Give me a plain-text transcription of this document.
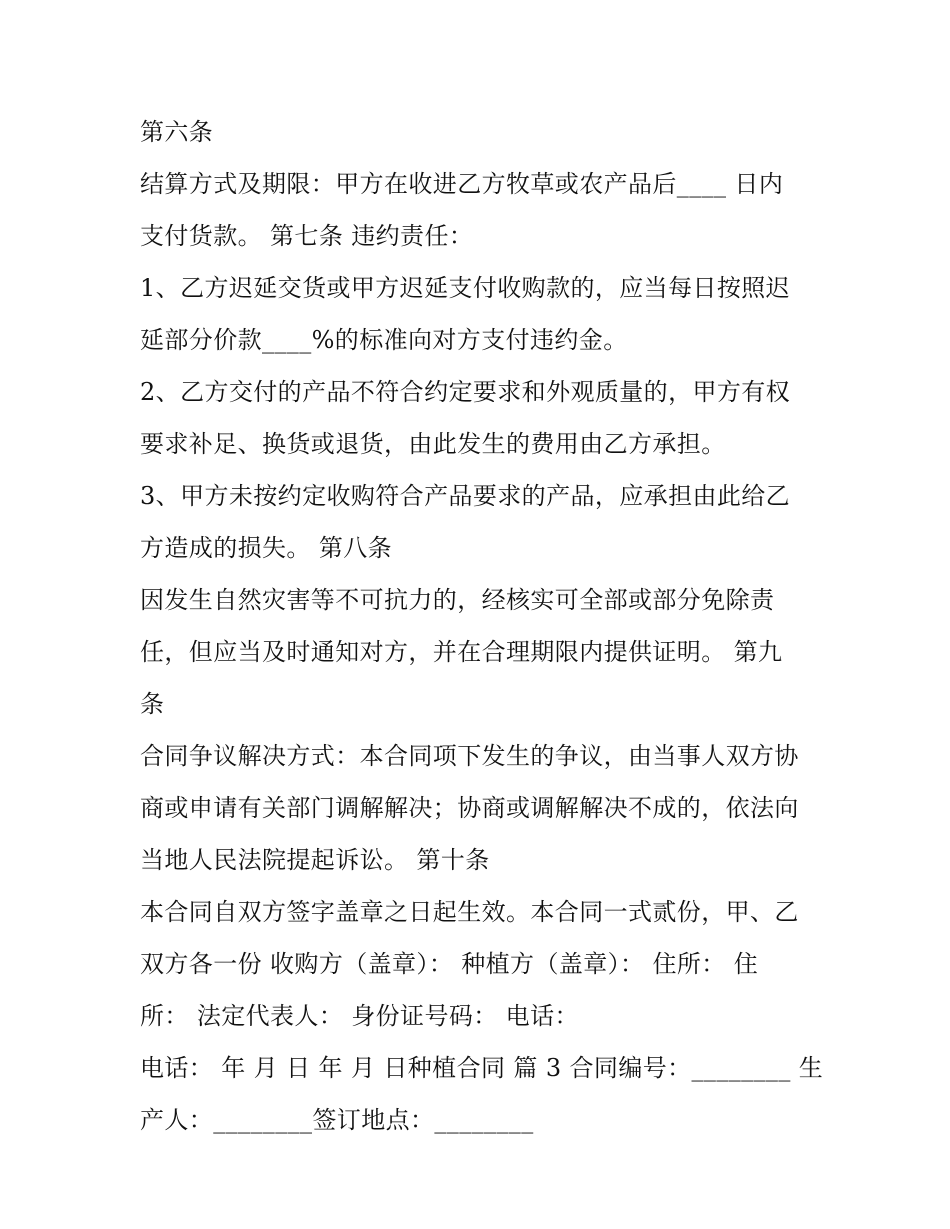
第六条
结算方式及期限：甲方在收进乙方牧草或农产品后____ 日内
支付货款。 第七条 违约责任：
1、乙方迟延交货或甲方迟延支付收购款的，应当每日按照迟
延部分价款____%的标准向对方支付违约金。
2、乙方交付的产品不符合约定要求和外观质量的，甲方有权
要求补足、换货或退货，由此发生的费用由乙方承担。
3、甲方未按约定收购符合产品要求的产品，应承担由此给乙
方造成的损失。 第八条
因发生自然灾害等不可抗力的，经核实可全部或部分免除责
任，但应当及时通知对方，并在合理期限内提供证明。 第九
条
合同争议解决方式：本合同项下发生的争议，由当事人双方协
商或申请有关部门调解解决；协商或调解解决不成的，依法向
当地人民法院提起诉讼。 第十条
本合同自双方签字盖章之日起生效。本合同一式贰份，甲、乙
双方各一份 收购方（盖章）： 种植方（盖章）： 住所： 住
所： 法定代表人： 身份证号码： 电话：
电话： 年 月 日 年 月 日种植合同 篇 3 合同编号：________ 生
产人：________签订地点：________
